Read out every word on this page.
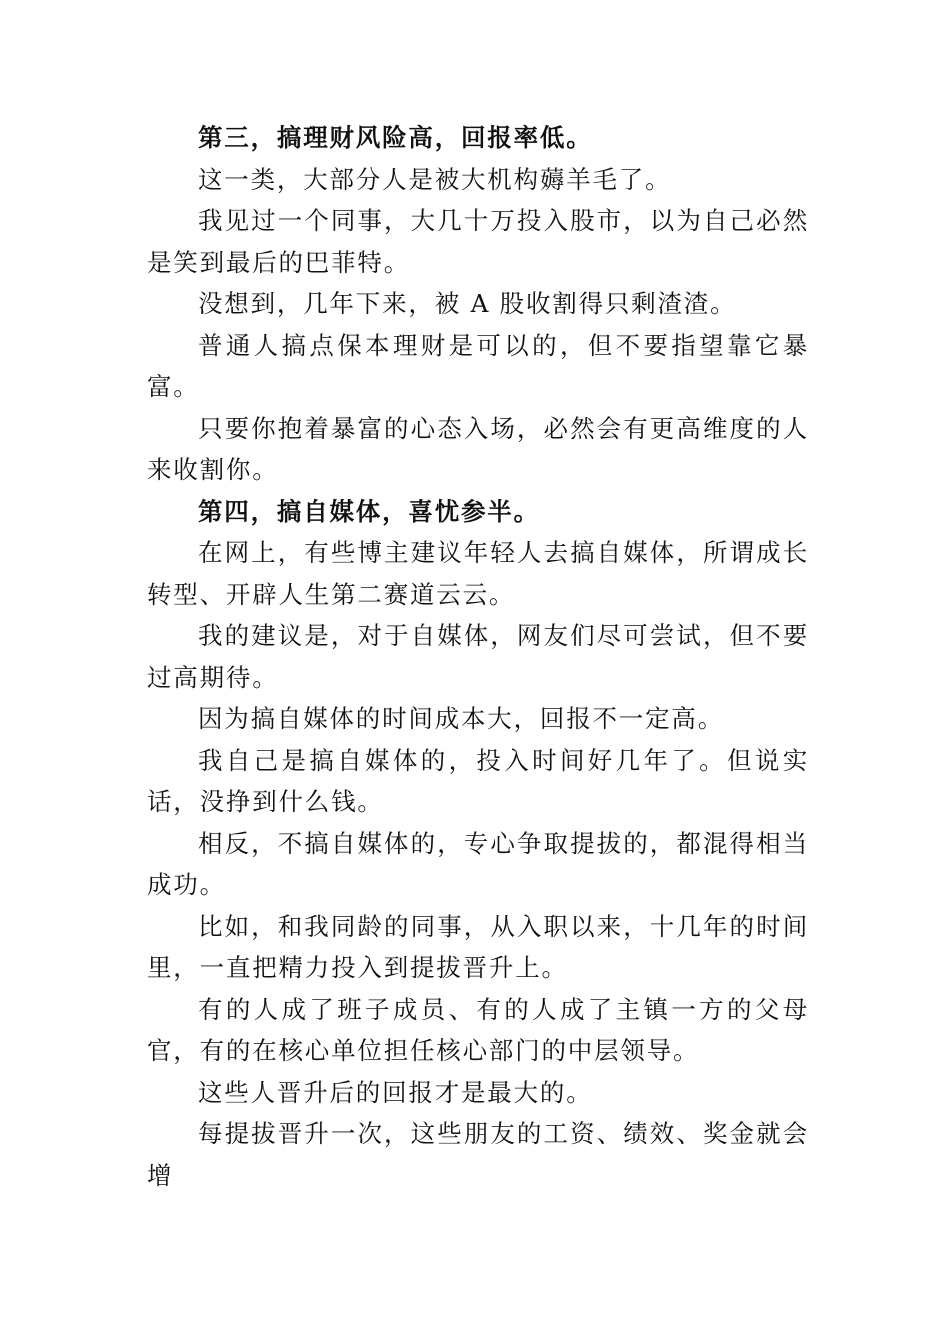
第三，搞理财风险高，回报率低。

这一类，大部分人是被大机构薅羊毛了。

我见过一个同事，大几十万投入股市，以为自己必然是笑到最后的巴菲特。

没想到，几年下来，被 A 股收割得只剩渣渣。

普通人搞点保本理财是可以的，但不要指望靠它暴富。

只要你抱着暴富的心态入场，必然会有更高维度的人来收割你。

第四，搞自媒体，喜忧参半。

在网上，有些博主建议年轻人去搞自媒体，所谓成长转型、开辟人生第二赛道云云。

我的建议是，对于自媒体，网友们尽可尝试，但不要过高期待。

因为搞自媒体的时间成本大，回报不一定高。

我自己是搞自媒体的，投入时间好几年了。但说实话，没挣到什么钱。

相反，不搞自媒体的，专心争取提拔的，都混得相当成功。

比如，和我同龄的同事，从入职以来，十几年的时间里，一直把精力投入到提拔晋升上。

有的人成了班子成员、有的人成了主镇一方的父母官，有的在核心单位担任核心部门的中层领导。

这些人晋升后的回报才是最大的。

每提拔晋升一次，这些朋友的工资、绩效、奖金就会增
